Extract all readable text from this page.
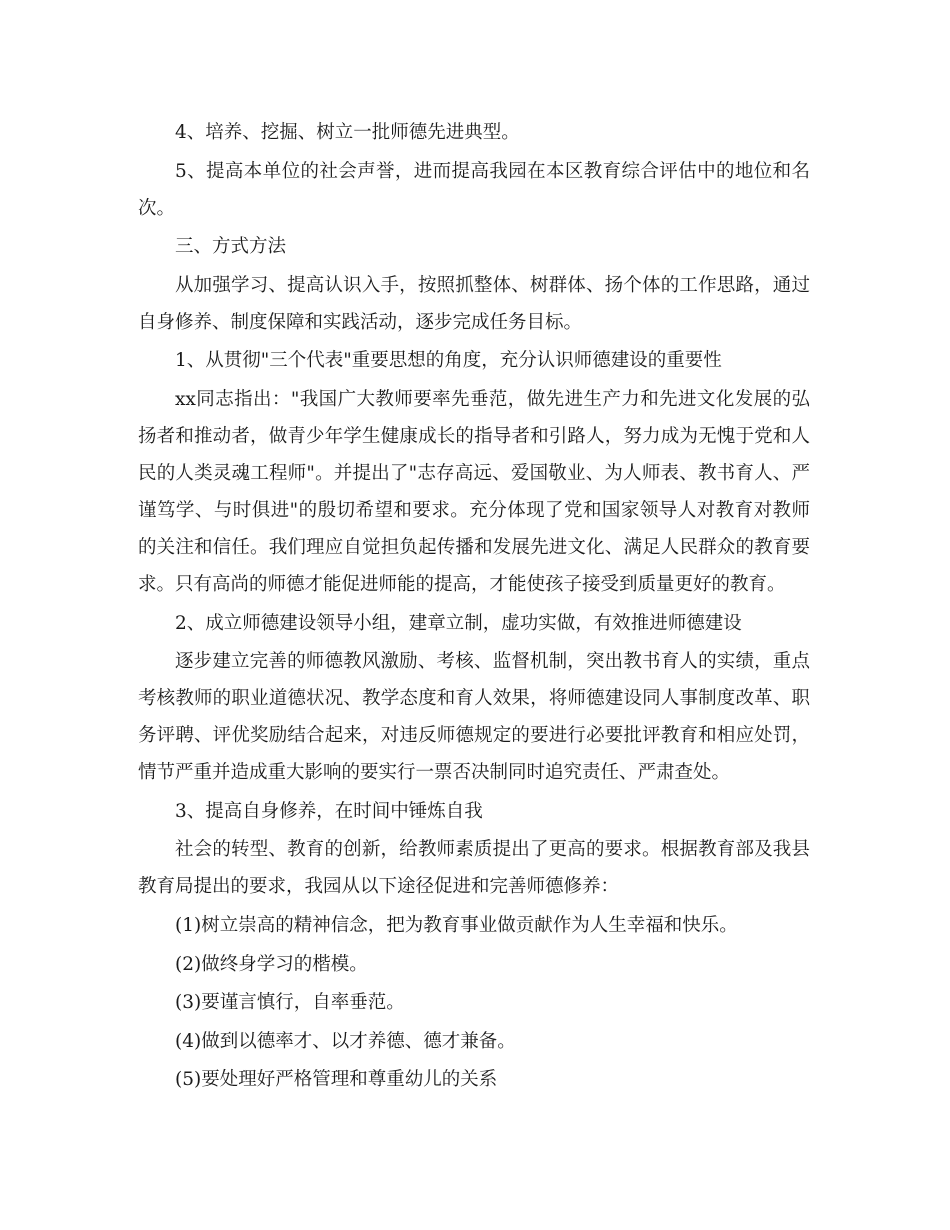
4、培养、挖掘、树立一批师德先进典型。

5、提高本单位的社会声誉，进而提高我园在本区教育综合评估中的地位和名次。

三、方式方法

从加强学习、提高认识入手，按照抓整体、树群体、扬个体的工作思路，通过自身修养、制度保障和实践活动，逐步完成任务目标。

1、从贯彻"三个代表"重要思想的角度，充分认识师德建设的重要性

xx同志指出："我国广大教师要率先垂范，做先进生产力和先进文化发展的弘扬者和推动者，做青少年学生健康成长的指导者和引路人，努力成为无愧于党和人民的人类灵魂工程师"。并提出了"志存高远、爱国敬业、为人师表、教书育人、严谨笃学、与时俱进"的殷切希望和要求。充分体现了党和国家领导人对教育对教师的关注和信任。我们理应自觉担负起传播和发展先进文化、满足人民群众的教育要求。只有高尚的师德才能促进师能的提高，才能使孩子接受到质量更好的教育。

2、成立师德建设领导小组，建章立制，虚功实做，有效推进师德建设

逐步建立完善的师德教风激励、考核、监督机制，突出教书育人的实绩，重点考核教师的职业道德状况、教学态度和育人效果，将师德建设同人事制度改革、职务评聘、评优奖励结合起来，对违反师德规定的要进行必要批评教育和相应处罚，情节严重并造成重大影响的要实行一票否决制同时追究责任、严肃查处。

3、提高自身修养，在时间中锤炼自我

社会的转型、教育的创新，给教师素质提出了更高的要求。根据教育部及我县教育局提出的要求，我园从以下途径促进和完善师德修养：

(1)树立崇高的精神信念，把为教育事业做贡献作为人生幸福和快乐。

(2)做终身学习的楷模。

(3)要谨言慎行，自率垂范。

(4)做到以德率才、以才养德、德才兼备。

(5)要处理好严格管理和尊重幼儿的关系
